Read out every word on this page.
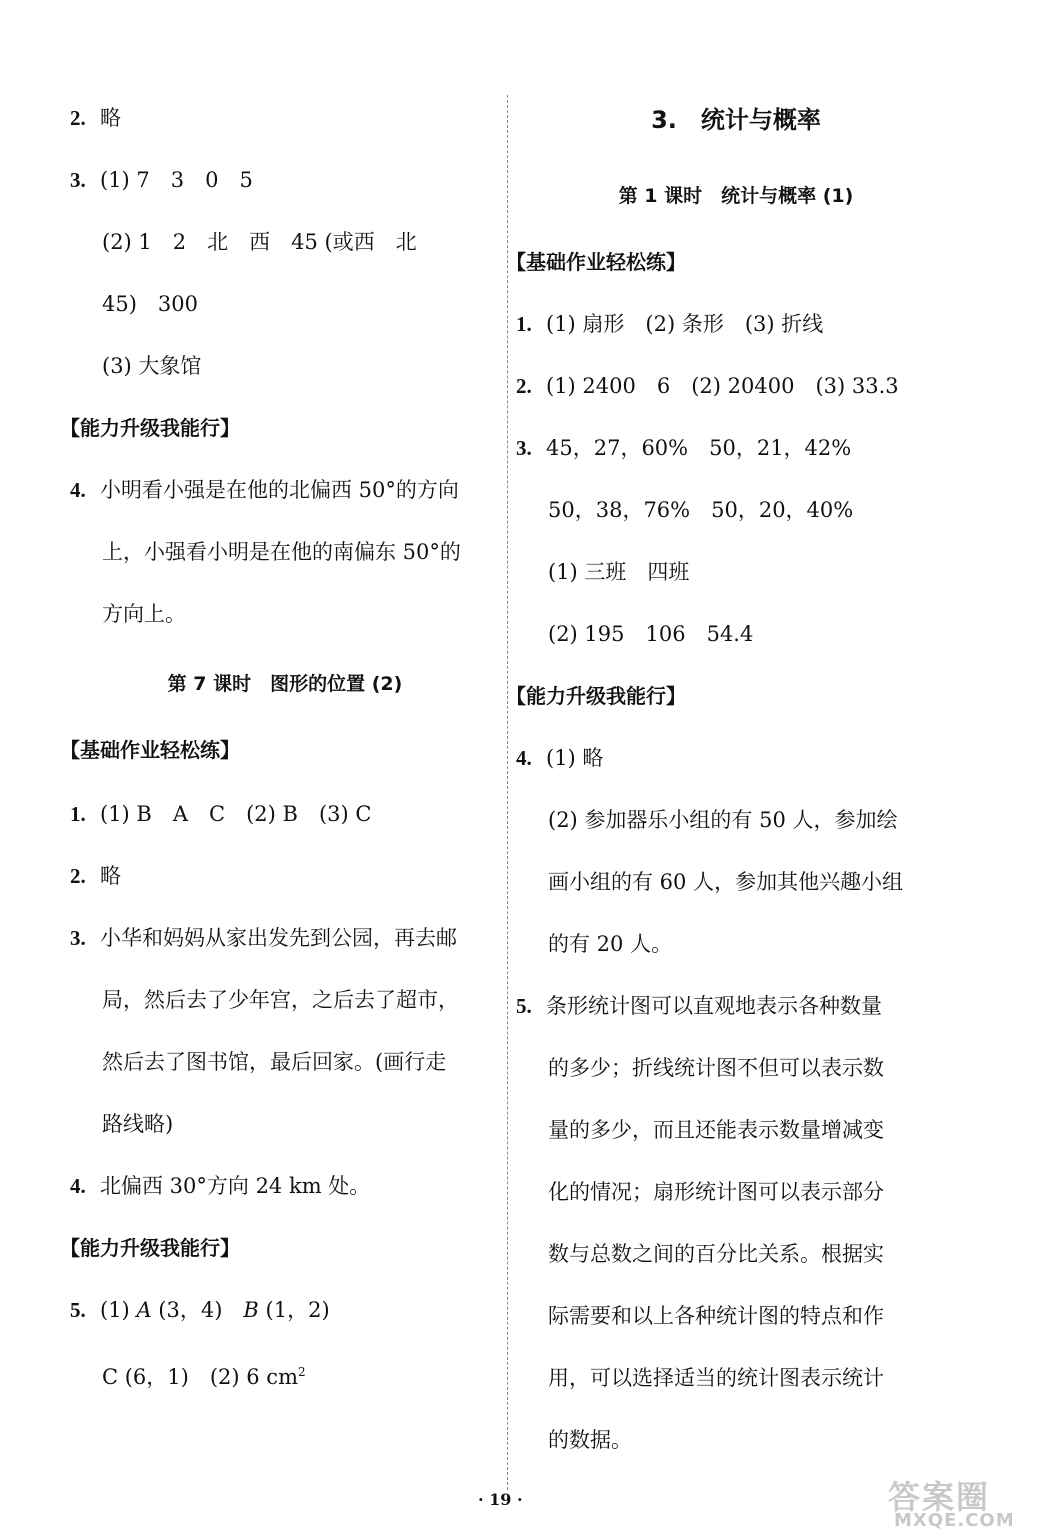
2. 略
3. (1) 7　3　0　5
(2) 1　2　北　西　45 (或西　北
45)　300
(3) 大象馆
【能力升级我能行】
4. 小明看小强是在他的北偏西 50°的方向
上，小强看小明是在他的南偏东 50°的
方向上。
第 7 课时　图形的位置 (2)
【基础作业轻松练】
1. (1) B　A　C　(2) B　(3) C
2. 略
3. 小华和妈妈从家出发先到公园，再去邮
局，然后去了少年宫，之后去了超市，
然后去了图书馆，最后回家。(画行走
路线略)
4. 北偏西 30°方向 24 km 处。
【能力升级我能行】
5. (1) A (3，4)　 B (1，2)
C (6，1)　(2) 6 $cm^2$
3.　统计与概率
第 1 课时　统计与概率 (1)
【基础作业轻松练】
1. (1) 扇形　(2) 条形　(3) 折线
2. (1) 2400　6　(2) 20400　(3) 33.3
3. 45，27，60%　50，21，42%
50，38，76%　50，20，40%
(1) 三班　四班
(2) 195　106　54.4
【能力升级我能行】
4. (1) 略
(2) 参加器乐小组的有 50 人，参加绘
画小组的有 60 人，参加其他兴趣小组
的有 20 人。
5. 条形统计图可以直观地表示各种数量
的多少；折线统计图不但可以表示数
量的多少，而且还能表示数量增减变
化的情况；扇形统计图可以表示部分
数与总数之间的百分比关系。根据实
际需要和以上各种统计图的特点和作
用，可以选择适当的统计图表示统计
的数据。
· 19 ·	答案圈
MXQE.COM
